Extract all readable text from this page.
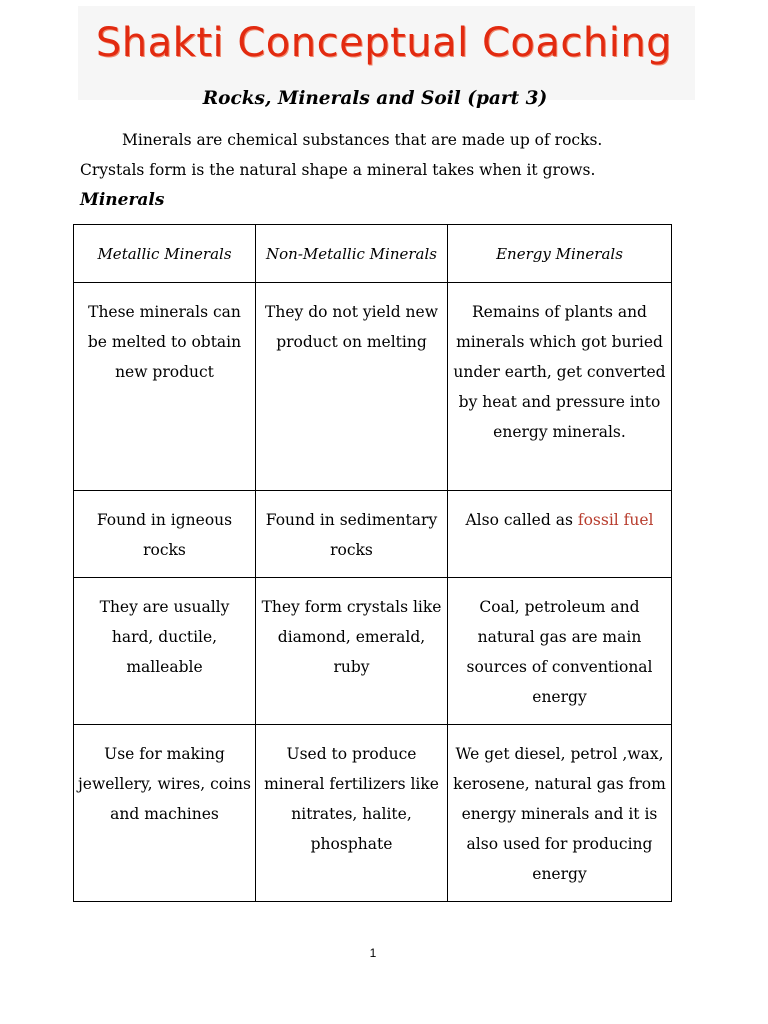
Shakti Conceptual Coaching
Rocks, Minerals and Soil (part 3)
Minerals are chemical substances that are made up of rocks.
Crystals form is the natural shape a mineral takes when it grows.
Minerals
Metallic Minerals	Non-Metallic Minerals	Energy Minerals
These minerals can be melted to obtain new product	They do not yield new product on melting	Remains of plants and minerals which got buried under earth, get converted by heat and pressure into energy minerals.
Found in igneous rocks	Found in sedimentary rocks	Also called as fossil fuel
They are usually hard, ductile, malleable	They form crystals like diamond, emerald, ruby	Coal, petroleum and natural gas are main sources of conventional energy
Use for making jewellery, wires, coins and machines	Used to produce mineral fertilizers like nitrates, halite, phosphate	We get diesel, petrol ,wax, kerosene, natural gas from energy minerals and it is also used for producing energy
1
